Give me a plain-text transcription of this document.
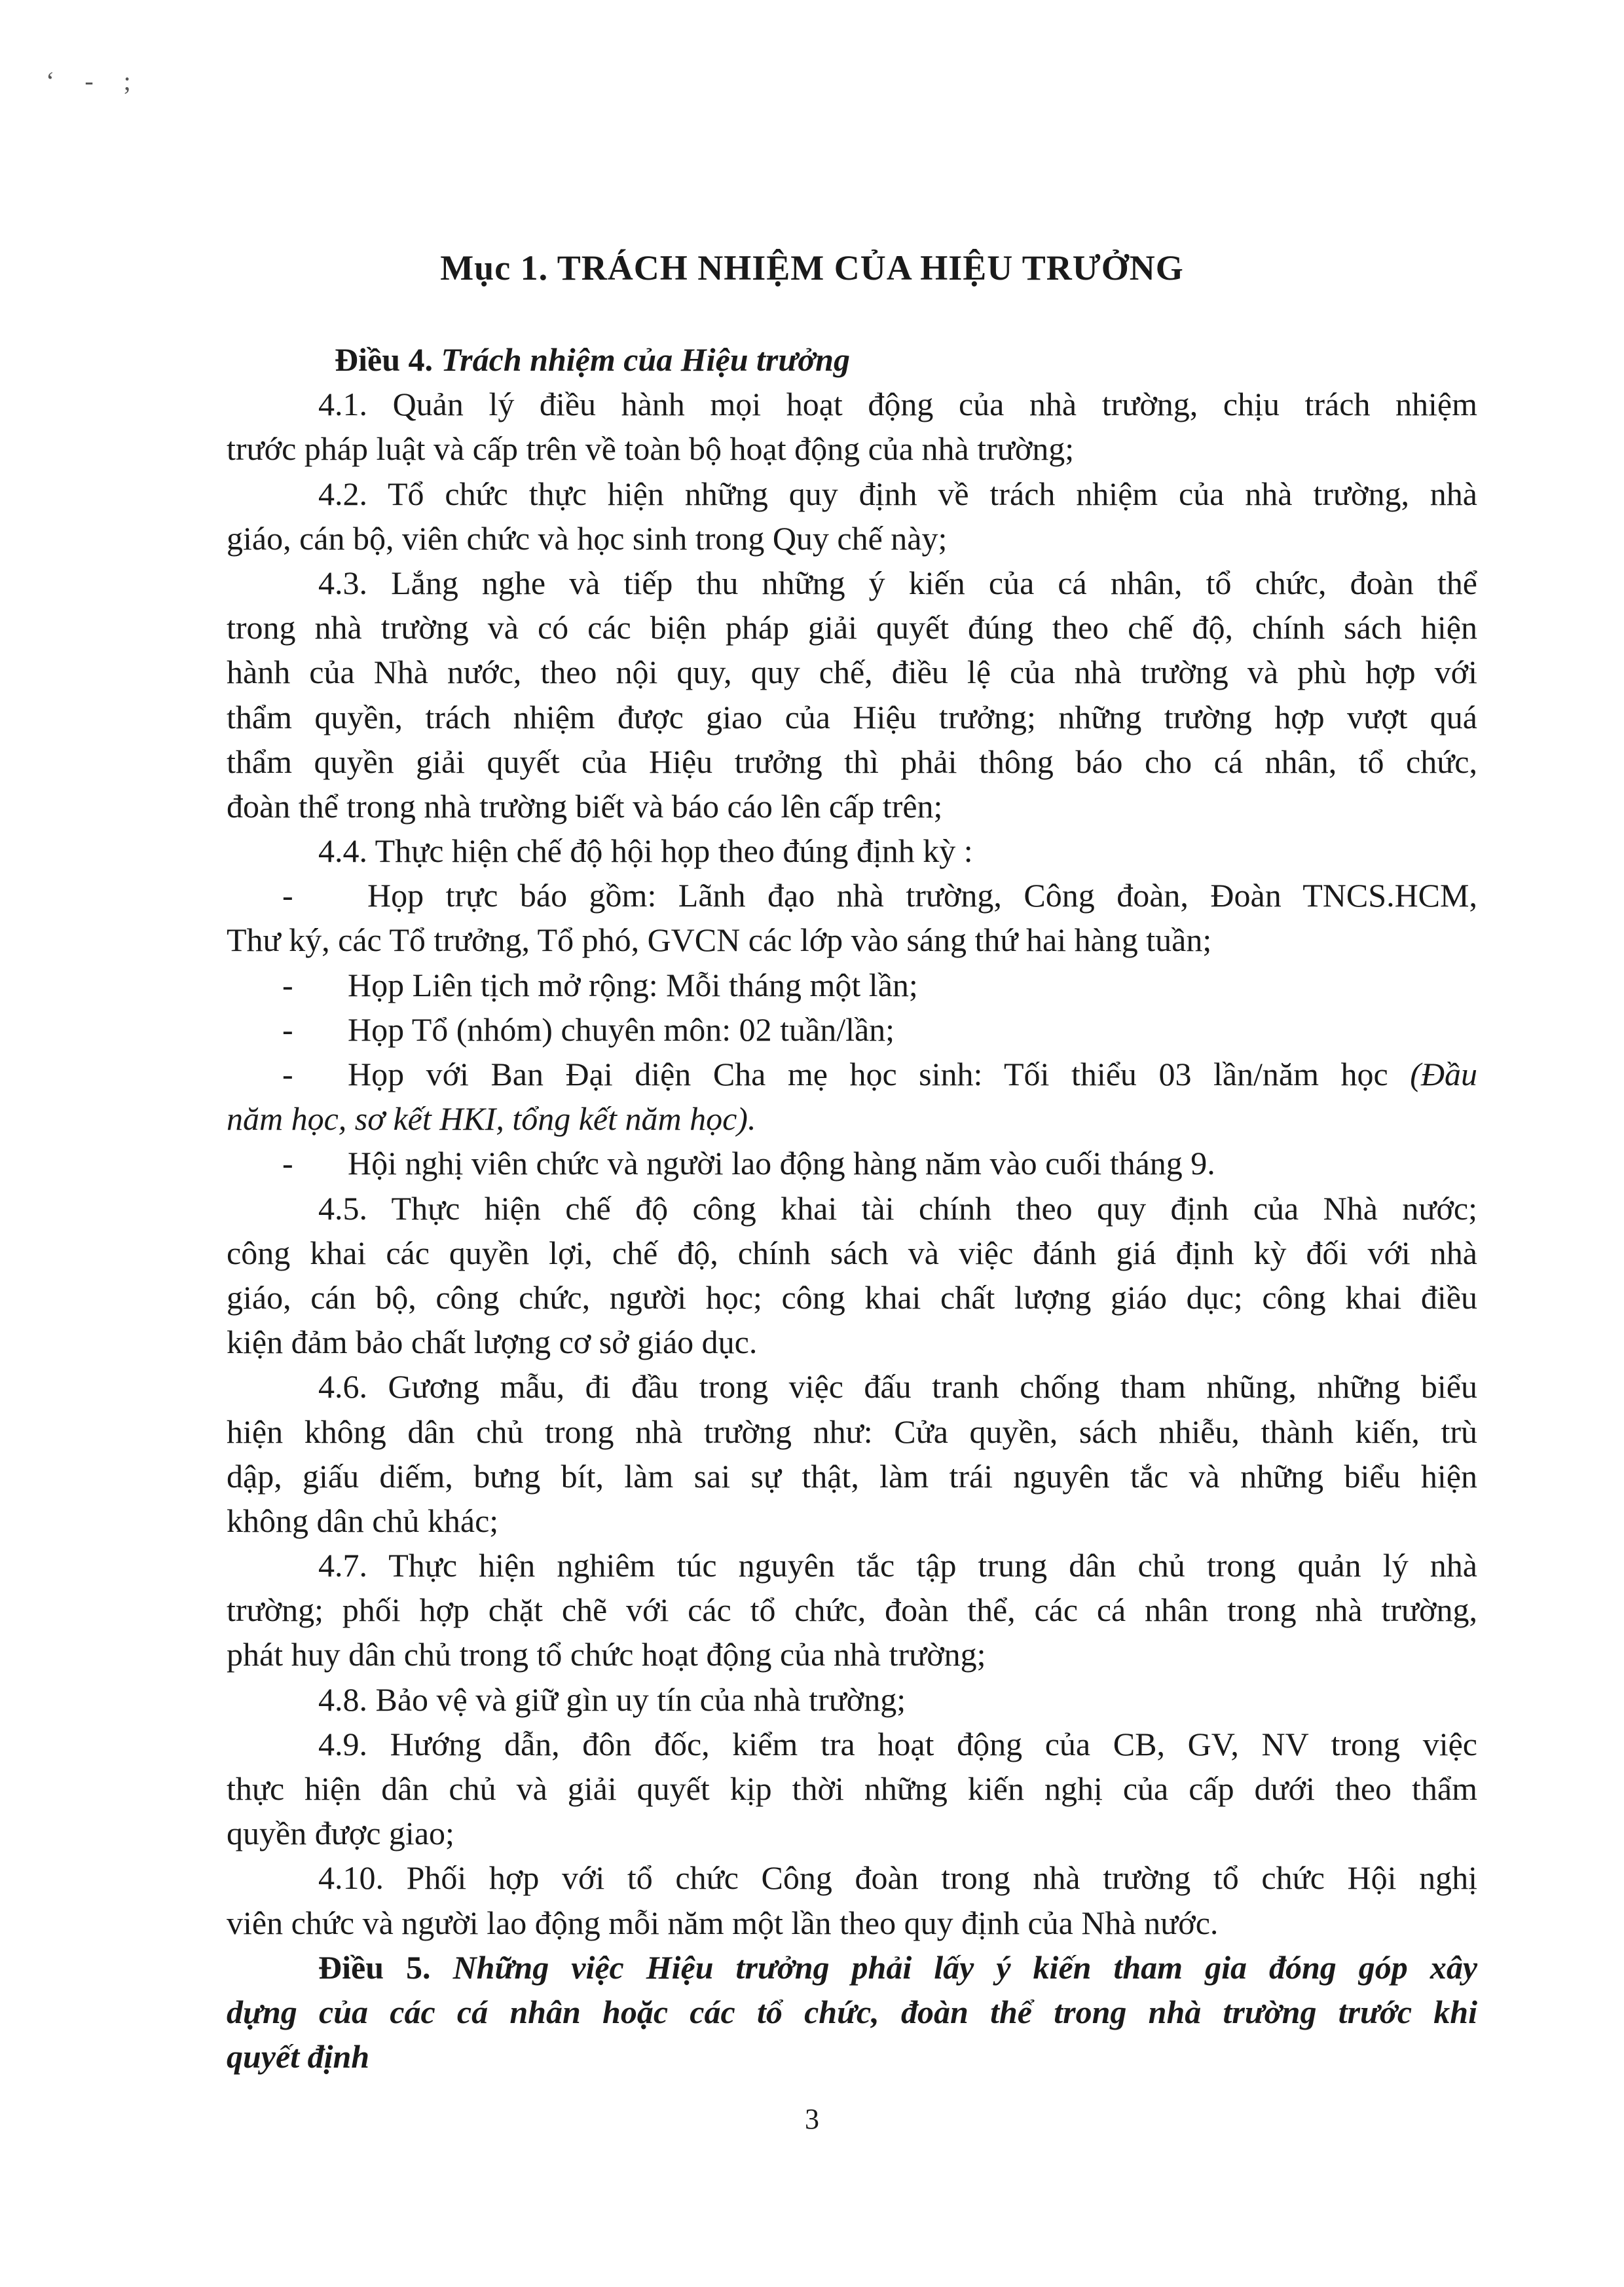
ʻ - ;
Mục 1. TRÁCH NHIỆM CỦA HIỆU TRƯỞNG
Điều 4. Trách nhiệm của Hiệu trưởng
4.1. Quản lý điều hành mọi hoạt động của nhà trường, chịu trách nhiệm
trước pháp luật và cấp trên về toàn bộ hoạt động của nhà trường;
4.2. Tổ chức thực hiện những quy định về trách nhiệm của nhà trường, nhà
giáo, cán bộ, viên chức và học sinh trong Quy chế này;
4.3. Lắng nghe và tiếp thu những ý kiến của cá nhân, tổ chức, đoàn thể
trong nhà trường và có các biện pháp giải quyết đúng theo chế độ, chính sách hiện
hành của Nhà nước, theo nội quy, quy chế, điều lệ của nhà trường và phù hợp với
thẩm quyền, trách nhiệm được giao của Hiệu trưởng; những trường hợp vượt quá
thẩm quyền giải quyết của Hiệu trưởng thì phải thông báo cho cá nhân, tổ chức,
đoàn thể trong nhà trường biết và báo cáo lên cấp trên;
4.4. Thực hiện chế độ hội họp theo đúng định kỳ :
- Họp trực báo gồm: Lãnh đạo nhà trường, Công đoàn, Đoàn TNCS.HCM,
Thư ký, các Tổ trưởng, Tổ phó, GVCN các lớp vào sáng thứ hai hàng tuần;
- Họp Liên tịch mở rộng: Mỗi tháng một lần;
- Họp Tổ (nhóm) chuyên môn: 02 tuần/lần;
- Họp với Ban Đại diện Cha mẹ học sinh: Tối thiểu 03 lần/năm học (Đầu
năm học, sơ kết HKI, tổng kết năm học).
- Hội nghị viên chức và người lao động hàng năm vào cuối tháng 9.
4.5. Thực hiện chế độ công khai tài chính theo quy định của Nhà nước;
công khai các quyền lợi, chế độ, chính sách và việc đánh giá định kỳ đối với nhà
giáo, cán bộ, công chức, người học; công khai chất lượng giáo dục; công khai điều
kiện đảm bảo chất lượng cơ sở giáo dục.
4.6. Gương mẫu, đi đầu trong việc đấu tranh chống tham nhũng, những biểu
hiện không dân chủ trong nhà trường như: Cửa quyền, sách nhiễu, thành kiến, trù
dập, giấu diếm, bưng bít, làm sai sự thật, làm trái nguyên tắc và những biểu hiện
không dân chủ khác;
4.7. Thực hiện nghiêm túc nguyên tắc tập trung dân chủ trong quản lý nhà
trường; phối hợp chặt chẽ với các tổ chức, đoàn thể, các cá nhân trong nhà trường,
phát huy dân chủ trong tổ chức hoạt động của nhà trường;
4.8. Bảo vệ và giữ gìn uy tín của nhà trường;
4.9. Hướng dẫn, đôn đốc, kiểm tra hoạt động của CB, GV, NV trong việc
thực hiện dân chủ và giải quyết kịp thời những kiến nghị của cấp dưới theo thẩm
quyền được giao;
4.10. Phối hợp với tổ chức Công đoàn trong nhà trường tổ chức Hội nghị
viên chức và người lao động mỗi năm một lần theo quy định của Nhà nước.
Điều 5. Những việc Hiệu trưởng phải lấy ý kiến tham gia đóng góp xây
dựng của các cá nhân hoặc các tổ chức, đoàn thể trong nhà trường trước khi
quyết định
3
